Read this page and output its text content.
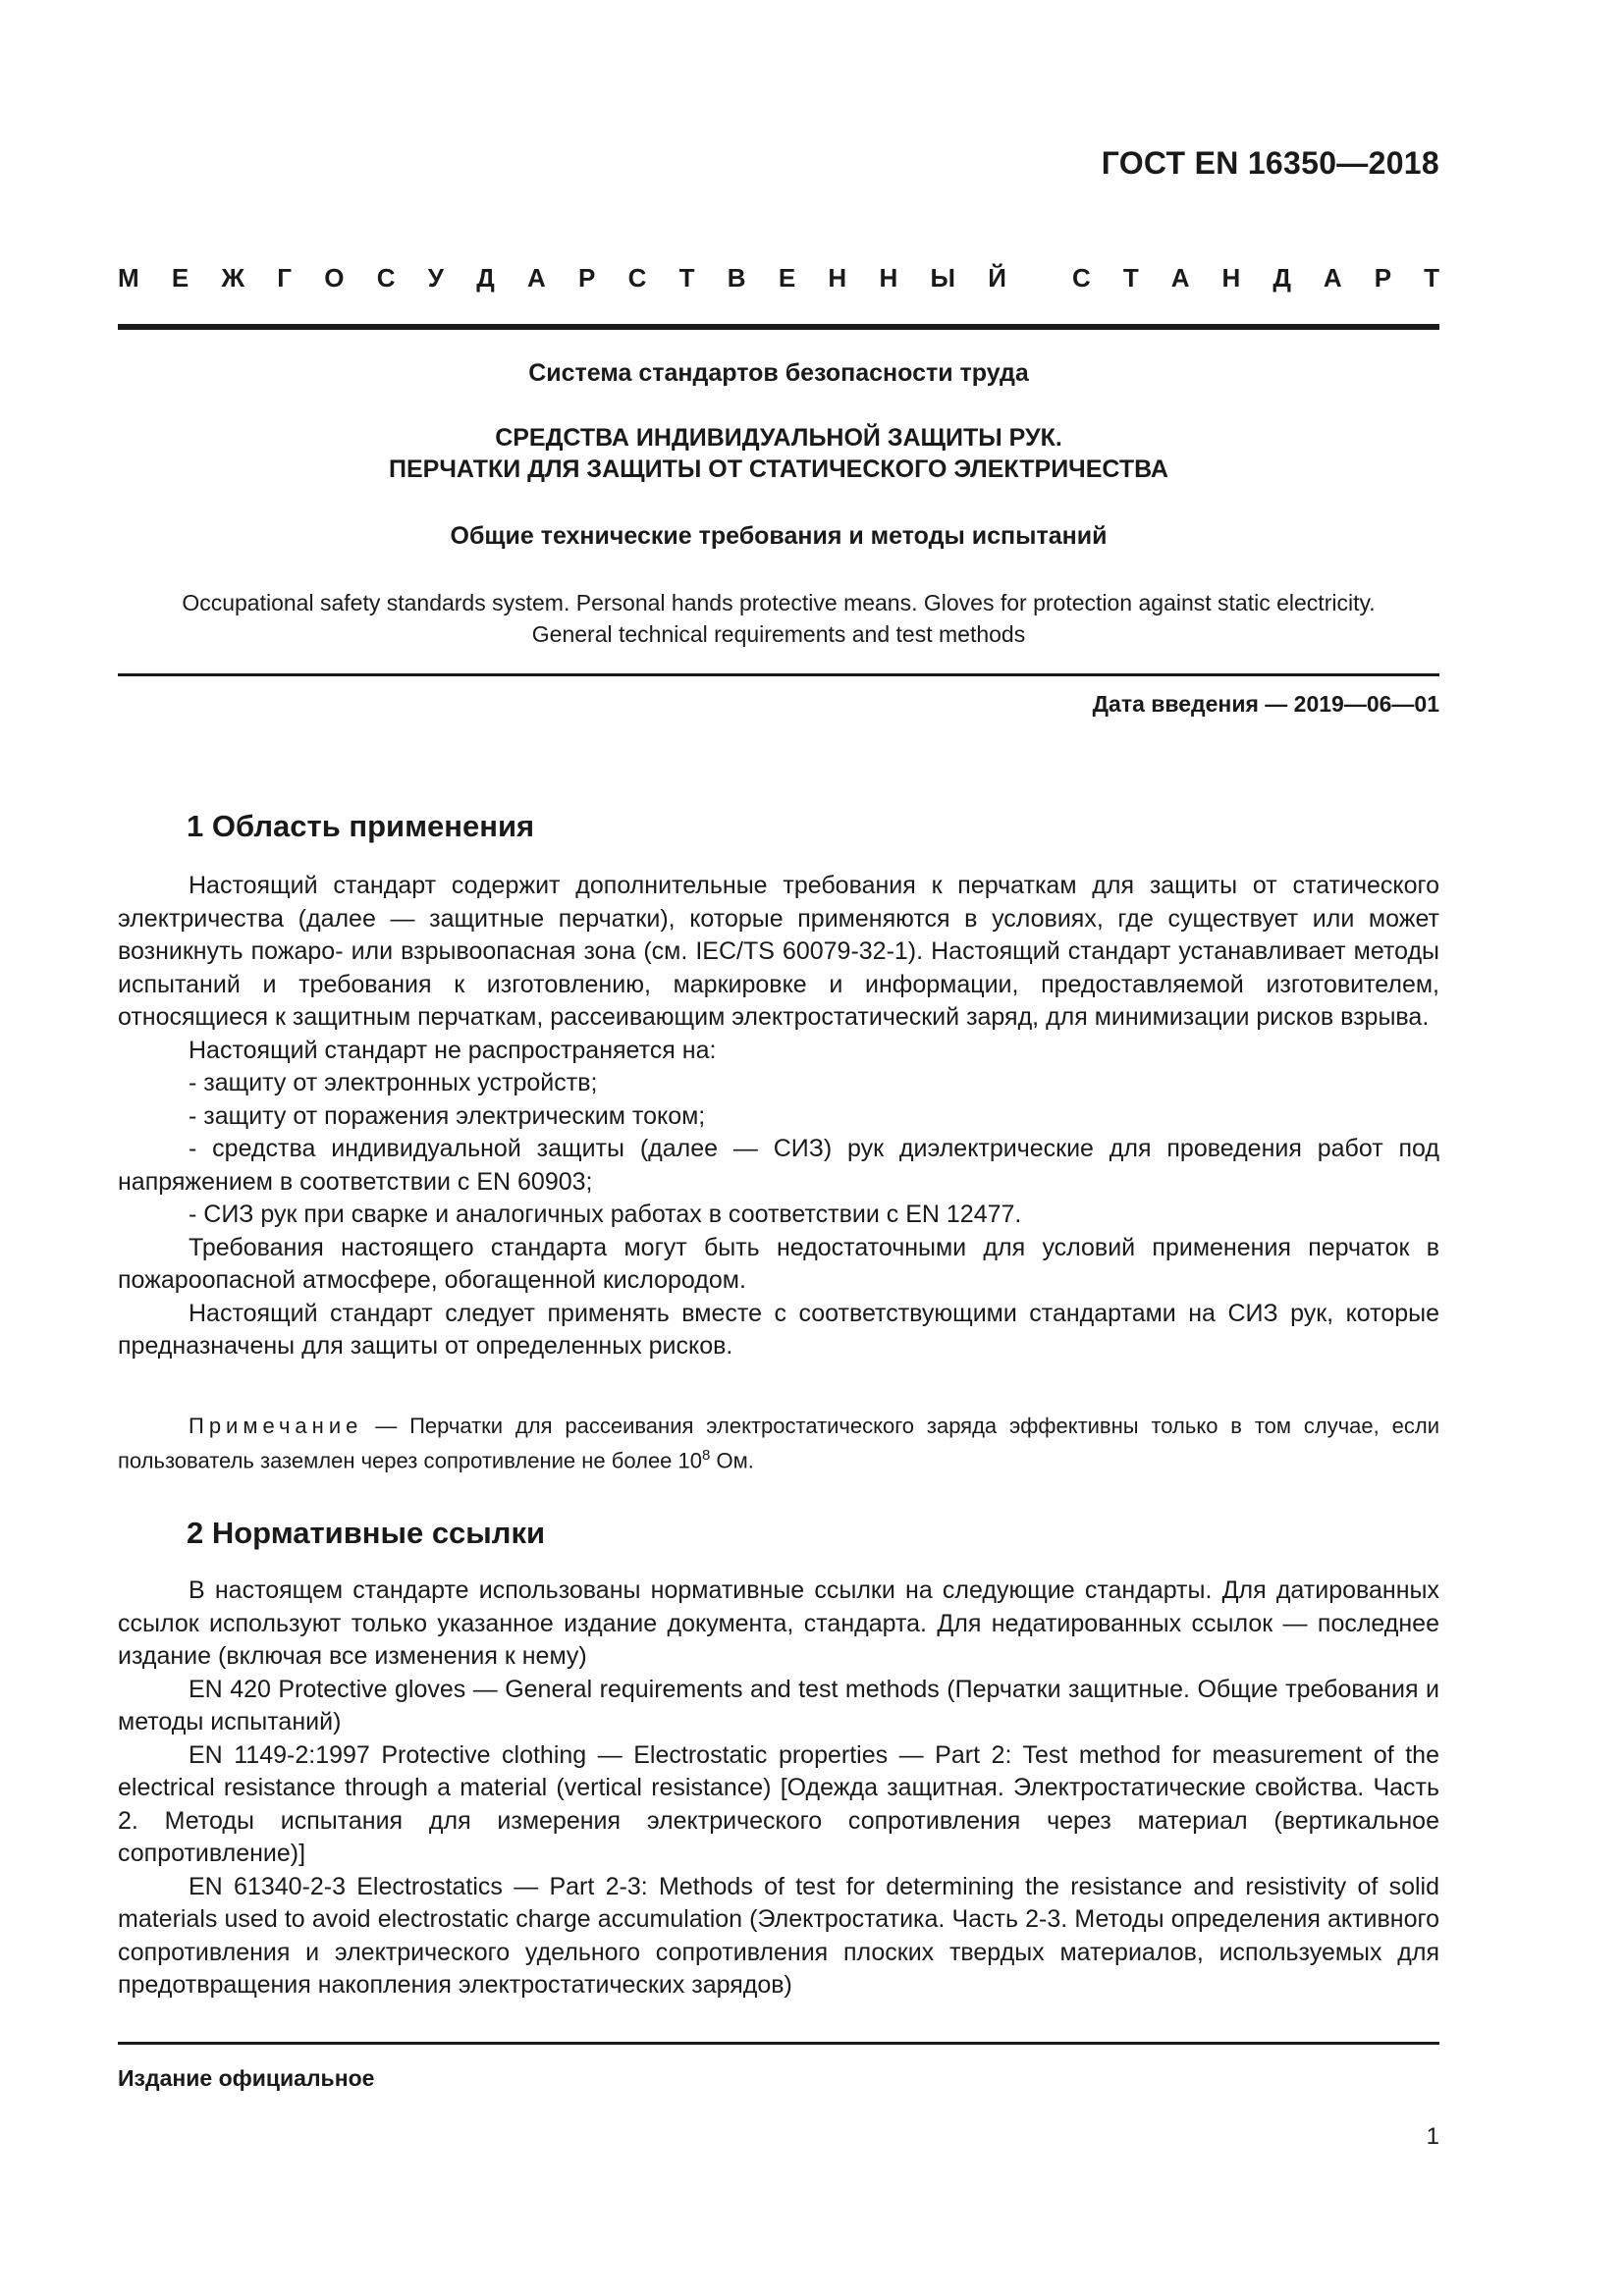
ГОСТ EN 16350—2018
М Е Ж Г О С У Д А Р С Т В Е Н Н Ы Й	С Т А Н Д А Р Т
Система стандартов безопасности труда
СРЕДСТВА ИНДИВИДУАЛЬНОЙ ЗАЩИТЫ РУК.
ПЕРЧАТКИ ДЛЯ ЗАЩИТЫ ОТ СТАТИЧЕСКОГО ЭЛЕКТРИЧЕСТВА
Общие технические требования и методы испытаний
Occupational safety standards system. Personal hands protective means. Gloves for protection against static electricity.
General technical requirements and test methods
Дата введения — 2019—06—01
1 Область применения

Настоящий стандарт содержит дополнительные требования к перчаткам для защиты от статического электричества (далее — защитные перчатки), которые применяются в условиях, где существует или может возникнуть пожаро- или взрывоопасная зона (см. IEC/TS 60079-32-1). Настоящий стандарт устанавливает методы испытаний и требования к изготовлению, маркировке и информации, предоставляемой изготовителем, относящиеся к защитным перчаткам, рассеивающим электростатический заряд, для минимизации рисков взрыва.

Настоящий стандарт не распространяется на:

- защиту от электронных устройств;

- защиту от поражения электрическим током;

- средства индивидуальной защиты (далее — СИЗ) рук диэлектрические для проведения работ под напряжением в соответствии с EN 60903;

- СИЗ рук при сварке и аналогичных работах в соответствии с EN 12477.

Требования настоящего стандарта могут быть недостаточными для условий применения перчаток в пожароопасной атмосфере, обогащенной кислородом.

Настоящий стандарт следует применять вместе с соответствующими стандартами на СИЗ рук, которые предназначены для защиты от определенных рисков.

Примечание — Перчатки для рассеивания электростатического заряда эффективны только в том случае, если пользователь заземлен через сопротивление не более $10^8$ Ом.

2 Нормативные ссылки

В настоящем стандарте использованы нормативные ссылки на следующие стандарты. Для датированных ссылок используют только указанное издание документа, стандарта. Для недатированных ссылок — последнее издание (включая все изменения к нему)

EN 420 Protective gloves — General requirements and test methods (Перчатки защитные. Общие требования и методы испытаний)

EN 1149-2:1997 Protective clothing — Electrostatic properties — Part 2: Test method for measurement of the electrical resistance through a material (vertical resistance) [Одежда защитная. Электростатические свойства. Часть 2. Методы испытания для измерения электрического сопротивления через материал (вертикальное сопротивление)]

EN 61340-2-3 Electrostatics — Part 2-3: Methods of test for determining the resistance and resistivity of solid materials used to avoid electrostatic charge accumulation (Электростатика. Часть 2-3. Методы определения активного сопротивления и электрического удельного сопротивления плоских твердых материалов, используемых для предотвращения накопления электростатических зарядов)

Издание официальное
1
